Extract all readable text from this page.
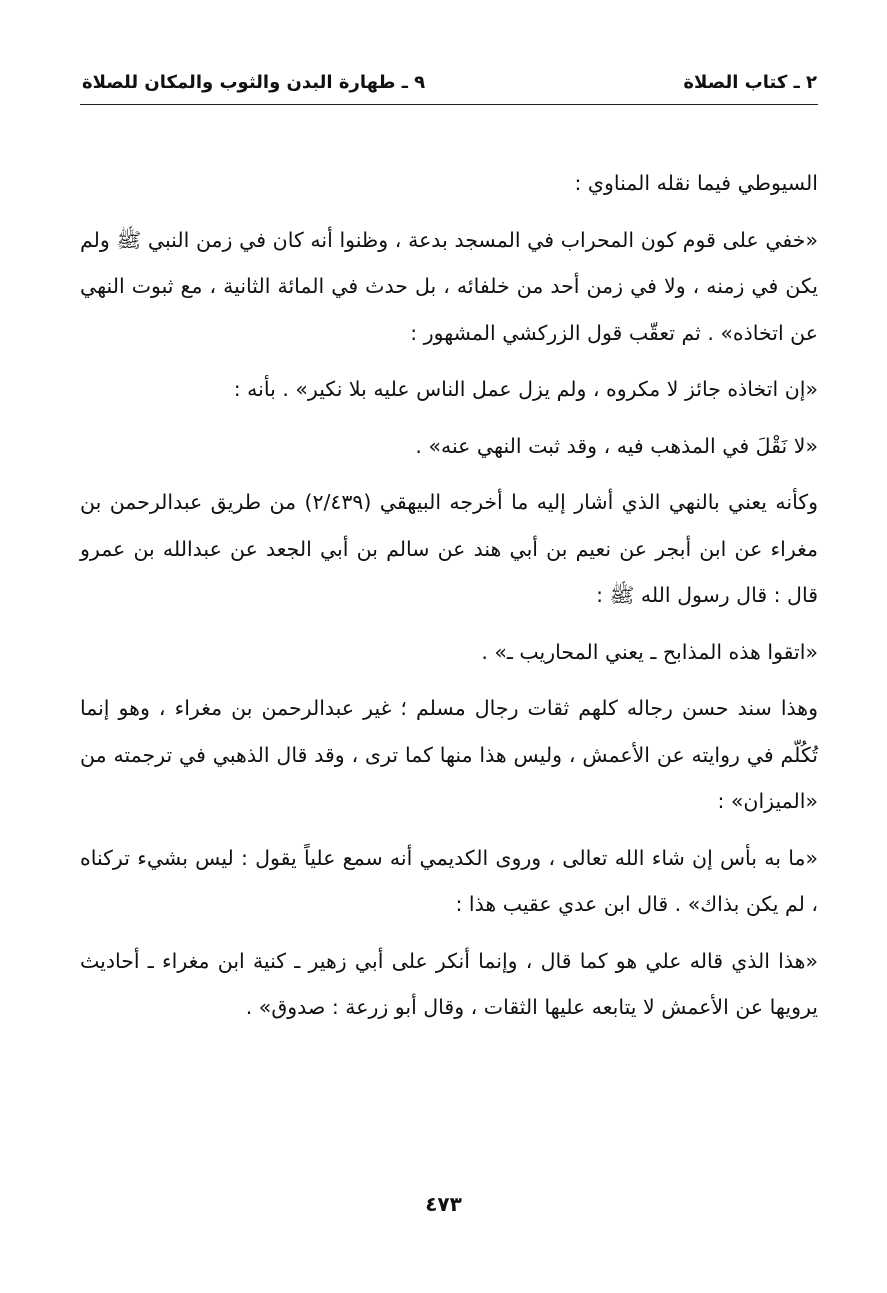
٢ ـ كتاب الصلاة
٩ ـ طهارة البدن والثوب والمكان للصلاة

السيوطي فيما نقله المناوي :

«خفي على قوم كون المحراب في المسجد بدعة ، وظنوا أنه كان في زمن النبي ﷺ ولم يكن في زمنه ، ولا في زمن أحد من خلفائه ، بل حدث في المائة الثانية ، مع ثبوت النهي عن اتخاذه» . ثم تعقّب قول الزركشي المشهور :

«إن اتخاذه جائز لا مكروه ، ولم يزل عمل الناس عليه بلا نكير» . بأنه :

«لا نَقْلَ في المذهب فيه ، وقد ثبت النهي عنه» .

وكأنه يعني بالنهي الذي أشار إليه ما أخرجه البيهقي (٢/٤٣٩) من طريق عبدالرحمن بن مغراء عن ابن أبجر عن نعيم بن أبي هند عن سالم بن أبي الجعد عن عبدالله بن عمرو قال : قال رسول الله ﷺ :

«اتقوا هذه المذابح ـ يعني المحاريب ـ» .

وهذا سند حسن رجاله كلهم ثقات رجال مسلم ؛ غير عبدالرحمن بن مغراء ، وهو إنما تُكُلّم في روايته عن الأعمش ، وليس هذا منها كما ترى ، وقد قال الذهبي في ترجمته من «الميزان» :

«ما به بأس إن شاء الله تعالى ، وروى الكديمي أنه سمع علياً يقول : ليس بشيء تركناه ، لم يكن بذاك» . قال ابن عدي عقيب هذا :

«هذا الذي قاله علي هو كما قال ، وإنما أنكر على أبي زهير ـ كنية ابن مغراء ـ أحاديث يرويها عن الأعمش لا يتابعه عليها الثقات ، وقال أبو زرعة : صدوق» .

٤٧٣
